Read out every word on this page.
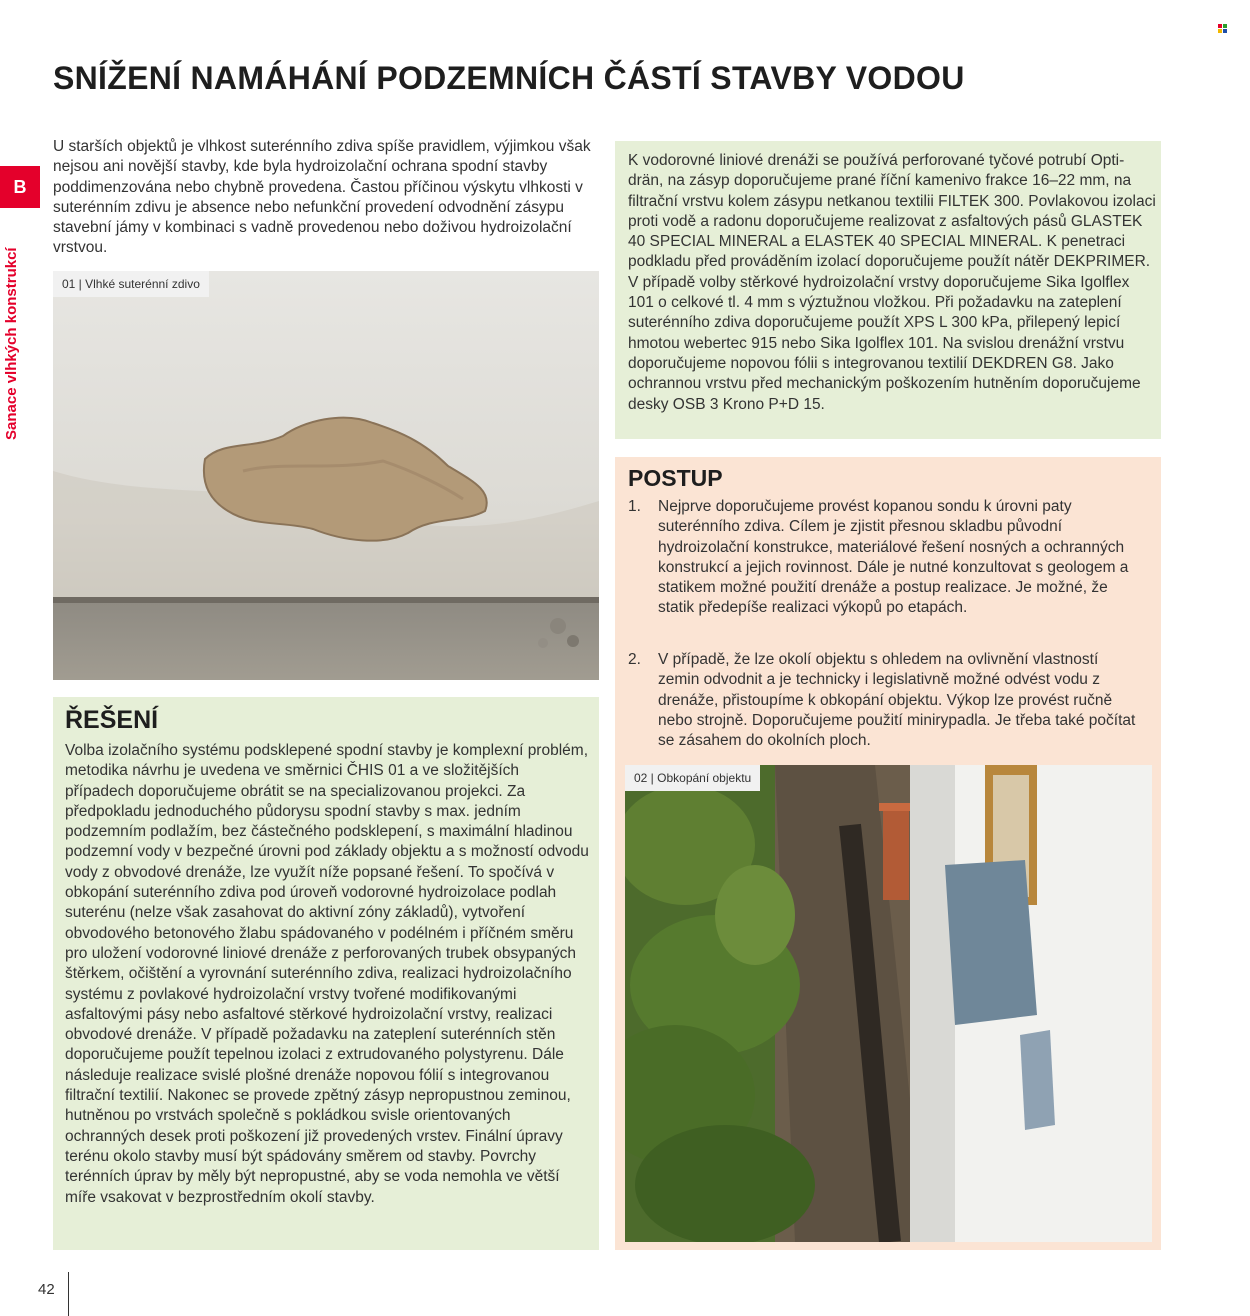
SNÍŽENÍ NAMÁHÁNÍ PODZEMNÍCH ČÁSTÍ STAVBY VODOU
B
Sanace vlhkých konstrukcí

U starších objektů je vlhkost suterénního zdiva spíše pravidlem, výjimkou však nejsou ani novější stavby, kde byla hydroizolační ochrana spodní stavby poddimenzována nebo chybně provedena. Častou příčinou výskytu vlhkosti v suterénním zdivu je absence nebo nefunkční provedení odvodnění zásypu stavební jámy v kombinaci s vadně provedenou nebo doživou hydroizolační vrstvou.

01 | Vlhké suterénní zdivo
ŘEŠENÍ

Volba izolačního systému podsklepené spodní stavby je komplexní problém, metodika návrhu je uvedena ve směrnici ČHIS 01 a ve složitějších případech doporučujeme obrátit se na specializovanou projekci. Za předpokladu jednoduchého půdorysu spodní stavby s max. jedním podzemním podlažím, bez částečného podsklepení, s maximální hladinou podzemní vody v bezpečné úrovni pod základy objektu a s možností odvodu vody z obvodové drenáže, lze využít níže popsané řešení. To spočívá v obkopání suterénního zdiva pod úroveň vodorovné hydroizolace podlah suterénu (nelze však zasahovat do aktivní zóny základů), vytvoření obvodového betonového žlabu spádovaného v podélném i příčném směru pro uložení vodorovné liniové drenáže z perforovaných trubek obsypaných štěrkem, očištění a vyrovnání suterénního zdiva, realizaci hydroizolačního systému z povlakové hydroizolační vrstvy tvořené modifikovanými asfaltovými pásy nebo asfaltové stěrkové hydroizolační vrstvy, realizaci obvodové drenáže. V případě požadavku na zateplení suterénních stěn doporučujeme použít tepelnou izolaci z extrudovaného polystyrenu. Dále následuje realizace svislé plošné drenáže nopovou fólií s integrovanou filtrační textilií. Nakonec se provede zpětný zásyp nepropustnou zeminou, hutněnou po vrstvách společně s pokládkou svisle orientovaných ochranných desek proti poškození již provedených vrstev. Finální úpravy terénu okolo stavby musí být spádovány směrem od stavby. Povrchy terénních úprav by měly být nepropustné, aby se voda nemohla ve větší míře vsakovat v bezprostředním okolí stavby.

K vodorovné liniové drenáži se používá perforované tyčové potrubí Opti-drän, na zásyp doporučujeme prané říční kamenivo frakce 16–22 mm, na filtrační vrstvu kolem zásypu netkanou textilii FILTEK 300. Povlakovou izolaci proti vodě a radonu doporučujeme realizovat z asfaltových pásů GLASTEK 40 SPECIAL MINERAL a ELASTEK 40 SPECIAL MINERAL. K penetraci podkladu před prováděním izolací doporučujeme použít nátěr DEKPRIMER. V případě volby stěrkové hydroizolační vrstvy doporučujeme Sika Igolflex 101 o celkové tl. 4 mm s výztužnou vložkou. Při požadavku na zateplení suterénního zdiva doporučujeme použít XPS L 300 kPa, přilepený lepicí hmotou webertec 915 nebo Sika Igolflex 101. Na svislou drenážní vrstvu doporučujeme nopovou fólii s integrovanou textilií DEKDREN G8. Jako ochrannou vrstvu před mechanickým poškozením hutněním doporučujeme desky OSB 3 Krono P+D 15.

POSTUP
1. Nejprve doporučujeme provést kopanou sondu k úrovni paty suterénního zdiva. Cílem je zjistit přesnou skladbu původní hydroizolační konstrukce, materiálové řešení nosných a ochranných konstrukcí a jejich rovinnost. Dále je nutné konzultovat s geologem a statikem možné použití drenáže a postup realizace. Je možné, že statik předepíše realizaci výkopů po etapách.
2. V případě, že lze okolí objektu s ohledem na ovlivnění vlastností zemin odvodnit a je technicky i legislativně možné odvést vodu z drenáže, přistoupíme k obkopání objektu. Výkop lze provést ručně nebo strojně. Doporučujeme použití minirypadla. Je třeba také počítat se zásahem do okolních ploch.
02 | Obkopání objektu
42
